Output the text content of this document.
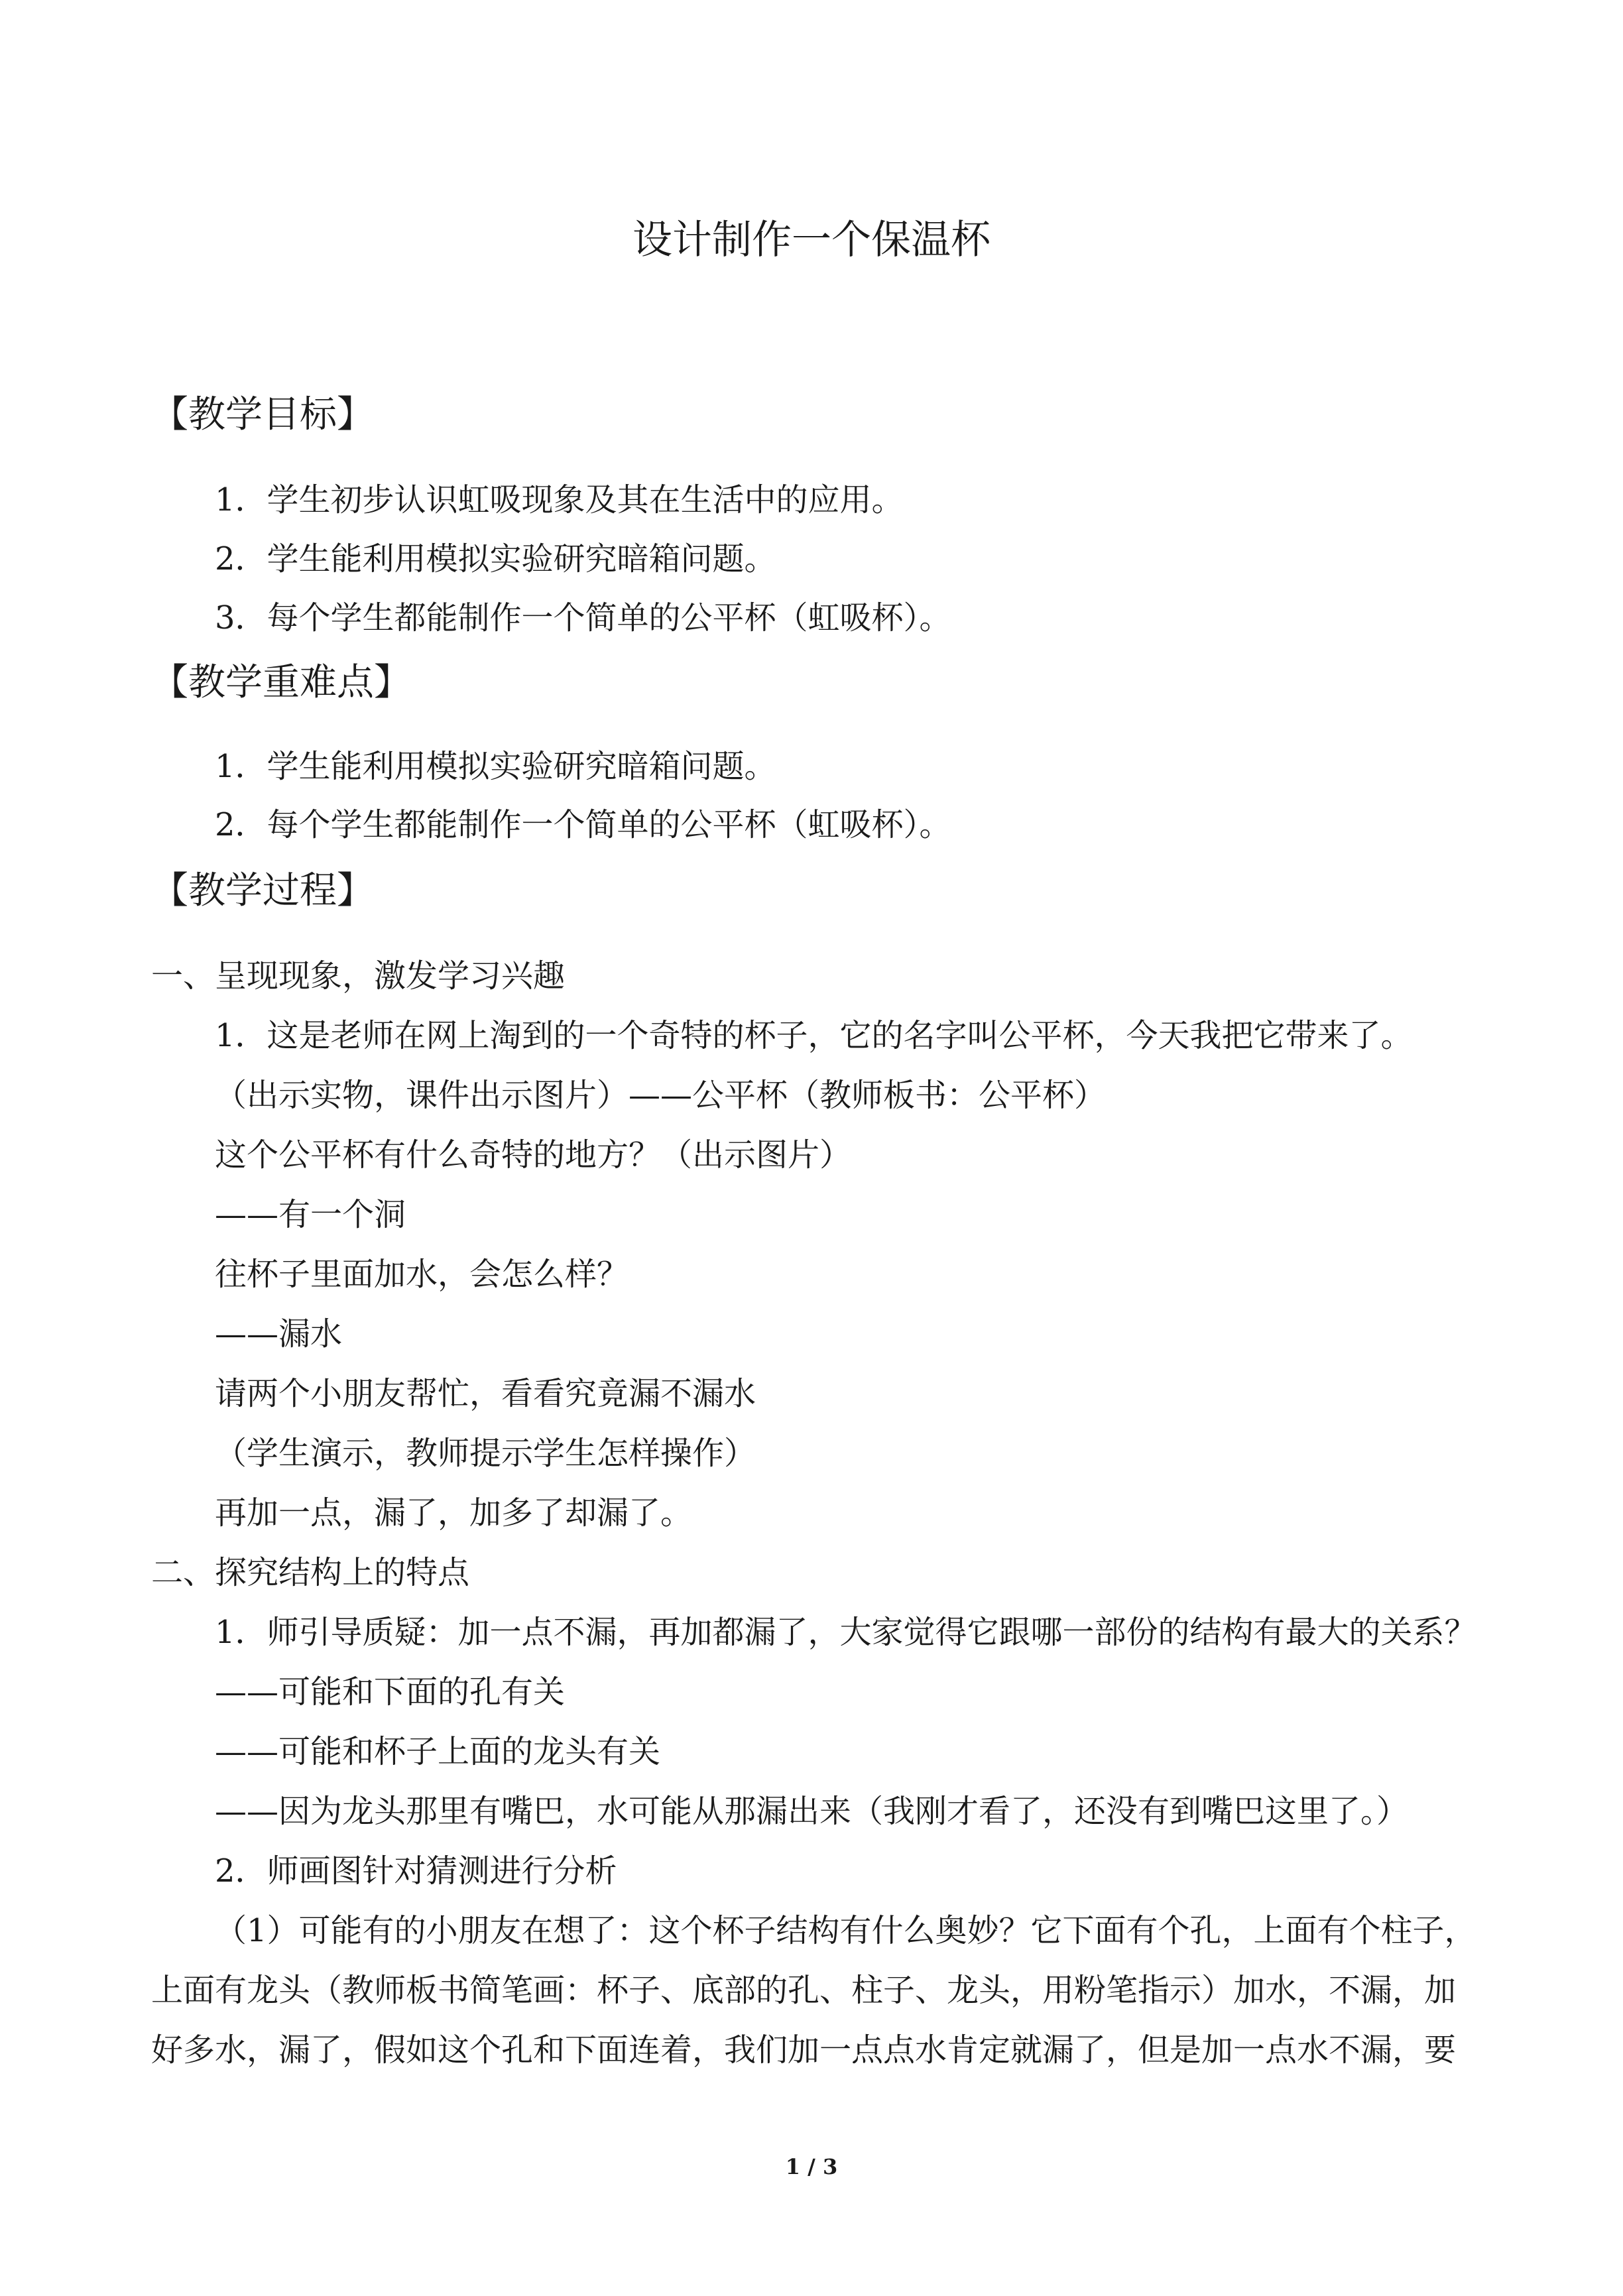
设计制作一个保温杯

【教学目标】

1．学生初步认识虹吸现象及其在生活中的应用。

2．学生能利用模拟实验研究暗箱问题。

3．每个学生都能制作一个简单的公平杯（虹吸杯）。

【教学重难点】

1．学生能利用模拟实验研究暗箱问题。

2．每个学生都能制作一个简单的公平杯（虹吸杯）。

【教学过程】

一、呈现现象，激发学习兴趣

1．这是老师在网上淘到的一个奇特的杯子，它的名字叫公平杯，今天我把它带来了。

（出示实物，课件出示图片）——公平杯（教师板书：公平杯）

这个公平杯有什么奇特的地方？（出示图片）

——有一个洞

往杯子里面加水，会怎么样？

——漏水

请两个小朋友帮忙，看看究竟漏不漏水

（学生演示，教师提示学生怎样操作）

再加一点，漏了，加多了却漏了。

二、探究结构上的特点

1．师引导质疑：加一点不漏，再加都漏了，大家觉得它跟哪一部份的结构有最大的关系？

——可能和下面的孔有关

——可能和杯子上面的龙头有关

——因为龙头那里有嘴巴，水可能从那漏出来（我刚才看了，还没有到嘴巴这里了。）

2．师画图针对猜测进行分析

（1）可能有的小朋友在想了：这个杯子结构有什么奥妙？它下面有个孔，上面有个柱子，

上面有龙头（教师板书简笔画：杯子、底部的孔、柱子、龙头，用粉笔指示）加水，不漏，加

好多水，漏了，假如这个孔和下面连着，我们加一点点水肯定就漏了，但是加一点水不漏，要

1 / 3
